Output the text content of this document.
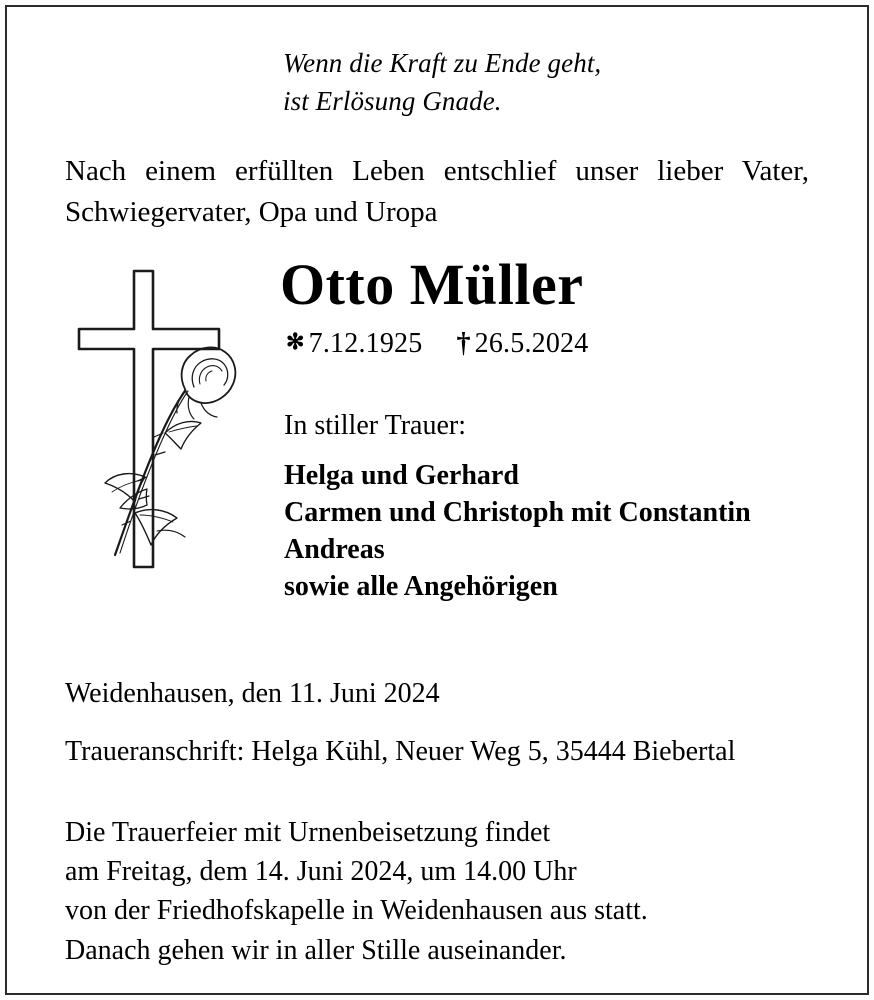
Wenn die Kraft zu Ende geht,
ist Erlösung Gnade.
Nach einem erfüllten Leben entschlief unser lieber Vater,
Schwiegervater, Opa und Uropa
Otto Müller
✻ 7.12.1925 † 26.5.2024
In stiller Trauer:
Helga und Gerhard
Carmen und Christoph mit Constantin
Andreas
sowie alle Angehörigen
Weidenhausen, den 11. Juni 2024
Traueranschrift: Helga Kühl, Neuer Weg 5, 35444 Biebertal
Die Trauerfeier mit Urnenbeisetzung findet
am Freitag, dem 14. Juni 2024, um 14.00 Uhr
von der Friedhofskapelle in Weidenhausen aus statt.
Danach gehen wir in aller Stille auseinander.
